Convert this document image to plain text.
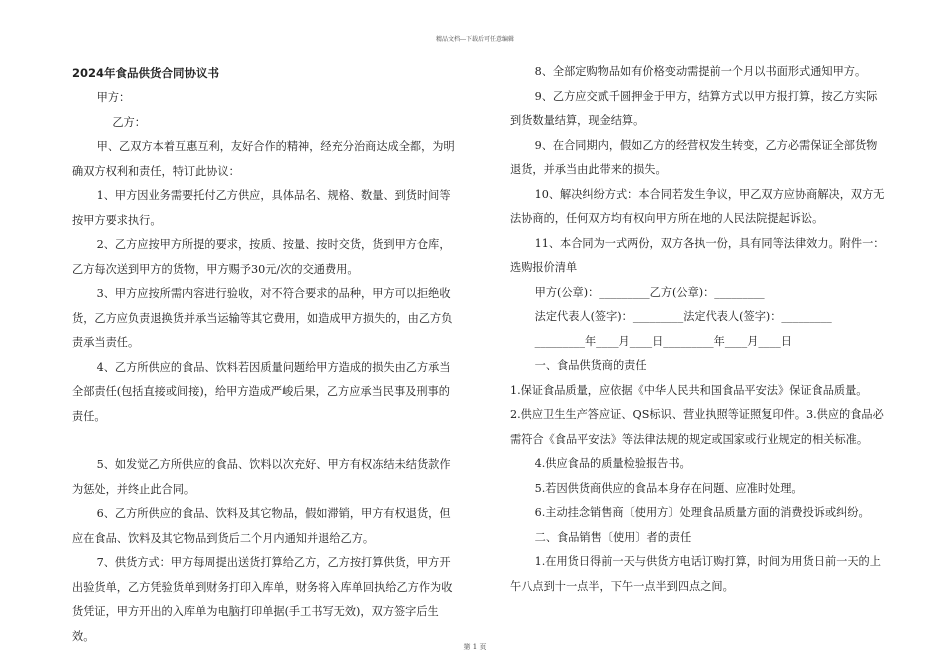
精品文档---下载后可任意编辑
2024年食品供货合同协议书

甲方：

乙方：

甲、乙双方本着互惠互利，友好合作的精神，经充分治商达成全都，为明确双方权利和责任，特订此协议：

1、甲方因业务需要托付乙方供应，具体品名、规格、数量、到货时间等按甲方要求执行。

2、乙方应按甲方所提的要求，按质、按量、按时交货，货到甲方仓库，乙方每次送到甲方的货物，甲方赐予30元/次的交通费用。

3、甲方应按所需内容进行验收，对不符合要求的品种，甲方可以拒绝收货，乙方应负责退换货并承当运输等其它费用，如造成甲方损失的，由乙方负责承当责任。

4、乙方所供应的食品、饮料若因质量问题给甲方造成的损失由乙方承当全部责任(包括直接或间接)，给甲方造成严峻后果，乙方应承当民事及刑事的责任。

5、如发觉乙方所供应的食品、饮料以次充好、甲方有权冻结未结货款作为惩处，并终止此合同。

6、乙方所供应的食品、饮料及其它物品，假如滞销，甲方有权退货，但应在食品、饮料及其它物品到货后二个月内通知并退给乙方。

7、供货方式：甲方每周提出送货打算给乙方，乙方按打算供货，甲方开出验货单，乙方凭验货单到财务打印入库单，财务将入库单回执给乙方作为收货凭证，甲方开出的入库单为电脑打印单据(手工书写无效)，双方签字后生效。

8、全部定购物品如有价格变动需提前一个月以书面形式通知甲方。

9、乙方应交贰千圆押金于甲方，结算方式以甲方报打算，按乙方实际到货数量结算，现金结算。

9、在合同期内，假如乙方的经营权发生转变，乙方必需保证全部货物退货，并承当由此带来的损失。

10、解决纠纷方式：本合同若发生争议，甲乙双方应协商解决，双方无法协商的，任何双方均有权向甲方所在地的人民法院提起诉讼。

11、本合同为一式两份，双方各执一份，具有同等法律效力。附件一：选购报价清单

甲方(公章)：_________乙方(公章)：_________

法定代表人(签字)：_________法定代表人(签字)：_________

_________年____月____日_________年____月____日

一、食品供货商的责任

1.保证食品质量，应依据《中华人民共和国食品平安法》保证食品质量。

2.供应卫生生产答应证、QS标识、营业执照等证照复印件。3.供应的食品必需符合《食品平安法》等法律法规的规定或国家或行业规定的相关标准。

4.供应食品的质量检验报告书。

5.若因供货商供应的食品本身存在问题、应准时处理。

6.主动挂念销售商〔使用方〕处理食品质量方面的消费投诉或纠纷。

二、食品销售〔使用〕者的责任

1.在用货日得前一天与供货方电话订购打算，时间为用货日前一天的上午八点到十一点半，下午一点半到四点之间。

第 1 页
